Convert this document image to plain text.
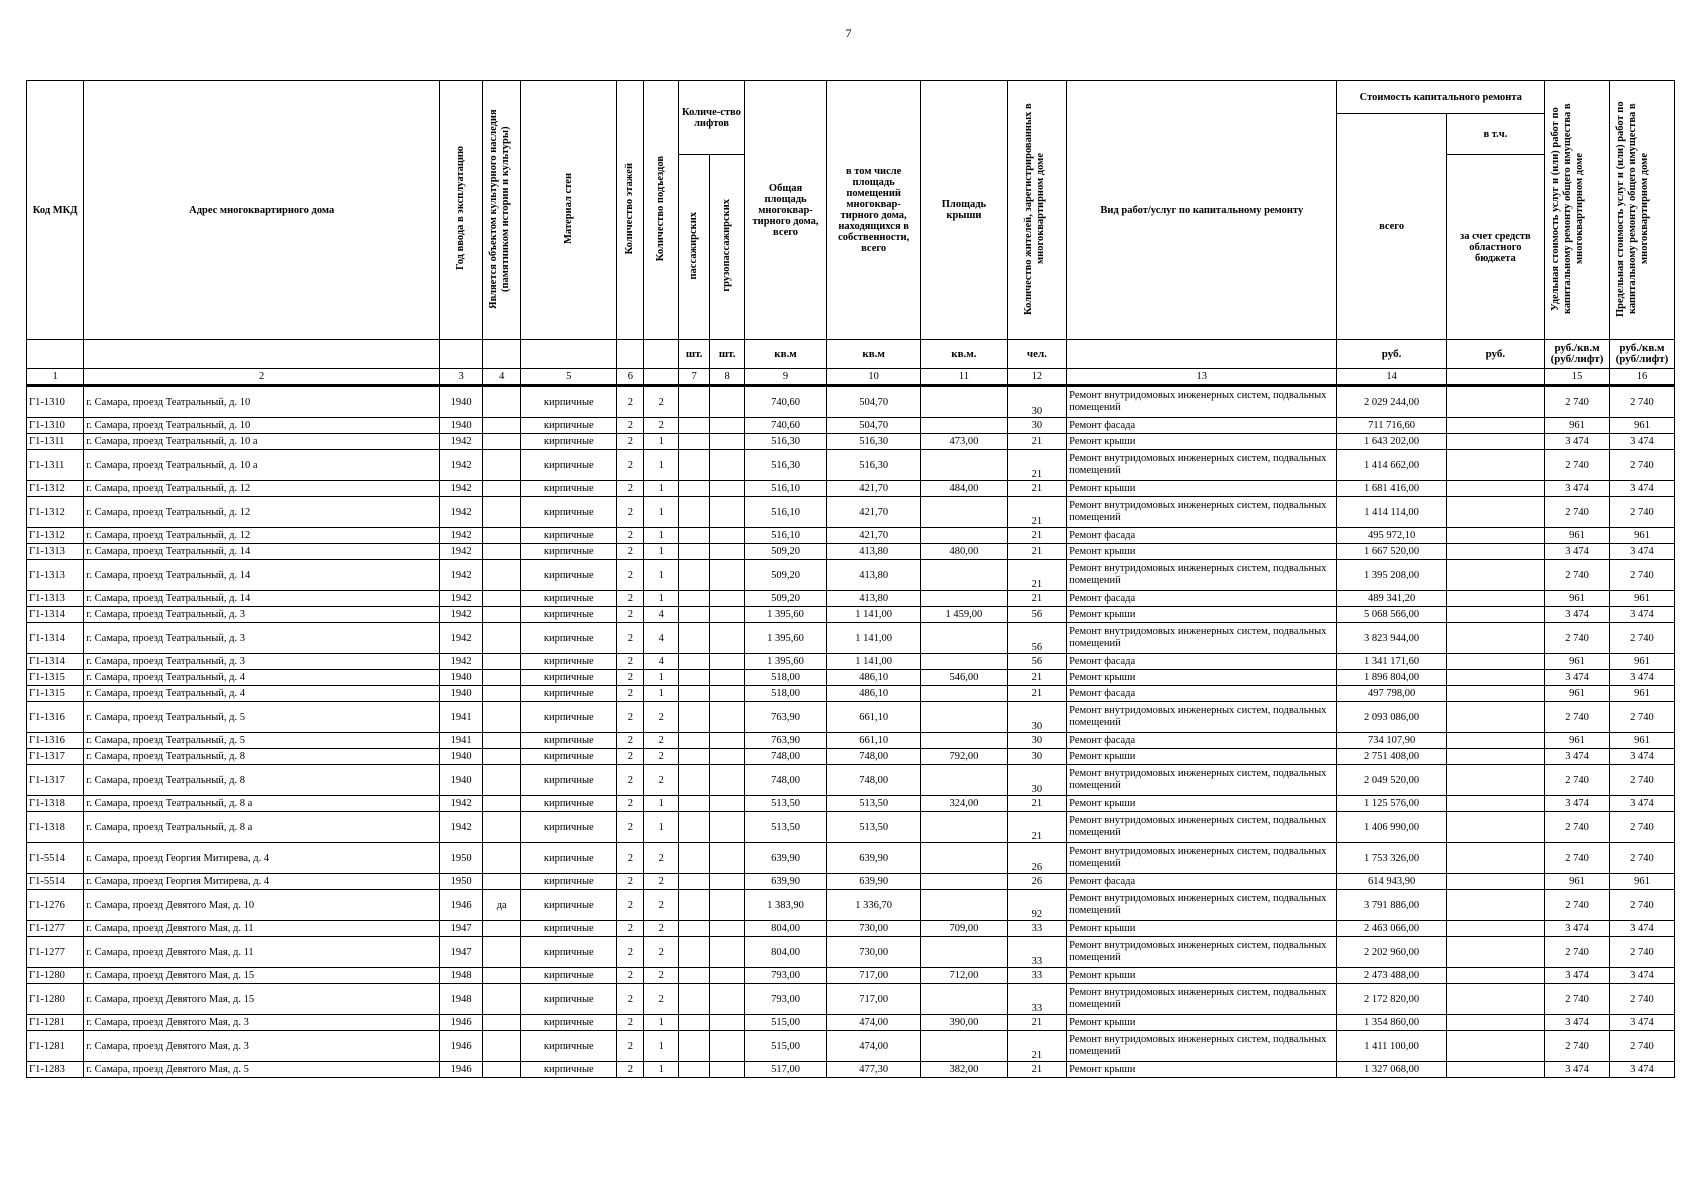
7
Код МКД	Адрес многоквартирного дома	Год ввода в эксплуатацию	Является объектом культурного наследия (памятником истории и культуры)	Материал стен	Количество этажей	Количество подъездов	Количе-ство лифтов		Общая площадь многоквар-тирного дома, всего	в том числе площадь помещений многоквар-тирного дома, находящихся в собственности, всего	Площадь крыши	Количество жителей, зарегистрированных в многоквартирном доме	Вид работ/услуг по капитальному ремонту	Стоимость капитального ремонта		Удельная стоимость услуг и (или) работ по капитальному ремонту общего имущества в многоквартирном доме	Предельная стоимость услуг и (или) работ по капитальному ремонту общего имущества в многоквартирном доме
														всего	в т.ч.		
							пассажирских	грузопассажирских							за счет средств областного бюджета		
							шт.	шт.	кв.м	кв.м	кв.м.	чел.		руб.	руб.	руб./кв.м (руб/лифт)	руб./кв.м (руб/лифт)
1	2	3	4	5	6		7	8	9	10	11	12	13	14		15	16
Г1-1310	г. Самара, проезд Театральный, д. 10	1940		кирпичные	2	2			740,60	504,70		30	Ремонт внутридомовых инженерных систем, подвальных помещений	2 029 244,00		2 740	2 740
Г1-1310	г. Самара, проезд Театральный, д. 10	1940		кирпичные	2	2			740,60	504,70		30	Ремонт фасада	711 716,60		961	961
Г1-1311	г. Самара, проезд Театральный, д. 10 а	1942		кирпичные	2	1			516,30	516,30	473,00	21	Ремонт крыши	1 643 202,00		3 474	3 474
Г1-1311	г. Самара, проезд Театральный, д. 10 а	1942		кирпичные	2	1			516,30	516,30		21	Ремонт внутридомовых инженерных систем, подвальных помещений	1 414 662,00		2 740	2 740
Г1-1312	г. Самара, проезд Театральный, д. 12	1942		кирпичные	2	1			516,10	421,70	484,00	21	Ремонт крыши	1 681 416,00		3 474	3 474
Г1-1312	г. Самара, проезд Театральный, д. 12	1942		кирпичные	2	1			516,10	421,70		21	Ремонт внутридомовых инженерных систем, подвальных помещений	1 414 114,00		2 740	2 740
Г1-1312	г. Самара, проезд Театральный, д. 12	1942		кирпичные	2	1			516,10	421,70		21	Ремонт фасада	495 972,10		961	961
Г1-1313	г. Самара, проезд Театральный, д. 14	1942		кирпичные	2	1			509,20	413,80	480,00	21	Ремонт крыши	1 667 520,00		3 474	3 474
Г1-1313	г. Самара, проезд Театральный, д. 14	1942		кирпичные	2	1			509,20	413,80		21	Ремонт внутридомовых инженерных систем, подвальных помещений	1 395 208,00		2 740	2 740
Г1-1313	г. Самара, проезд Театральный, д. 14	1942		кирпичные	2	1			509,20	413,80		21	Ремонт фасада	489 341,20		961	961
Г1-1314	г. Самара, проезд Театральный, д. 3	1942		кирпичные	2	4			1 395,60	1 141,00	1 459,00	56	Ремонт крыши	5 068 566,00		3 474	3 474
Г1-1314	г. Самара, проезд Театральный, д. 3	1942		кирпичные	2	4			1 395,60	1 141,00		56	Ремонт внутридомовых инженерных систем, подвальных помещений	3 823 944,00		2 740	2 740
Г1-1314	г. Самара, проезд Театральный, д. 3	1942		кирпичные	2	4			1 395,60	1 141,00		56	Ремонт фасада	1 341 171,60		961	961
Г1-1315	г. Самара, проезд Театральный, д. 4	1940		кирпичные	2	1			518,00	486,10	546,00	21	Ремонт крыши	1 896 804,00		3 474	3 474
Г1-1315	г. Самара, проезд Театральный, д. 4	1940		кирпичные	2	1			518,00	486,10		21	Ремонт фасада	497 798,00		961	961
Г1-1316	г. Самара, проезд Театральный, д. 5	1941		кирпичные	2	2			763,90	661,10		30	Ремонт внутридомовых инженерных систем, подвальных помещений	2 093 086,00		2 740	2 740
Г1-1316	г. Самара, проезд Театральный, д. 5	1941		кирпичные	2	2			763,90	661,10		30	Ремонт фасада	734 107,90		961	961
Г1-1317	г. Самара, проезд Театральный, д. 8	1940		кирпичные	2	2			748,00	748,00	792,00	30	Ремонт крыши	2 751 408,00		3 474	3 474
Г1-1317	г. Самара, проезд Театральный, д. 8	1940		кирпичные	2	2			748,00	748,00		30	Ремонт внутридомовых инженерных систем, подвальных помещений	2 049 520,00		2 740	2 740
Г1-1318	г. Самара, проезд Театральный, д. 8 а	1942		кирпичные	2	1			513,50	513,50	324,00	21	Ремонт крыши	1 125 576,00		3 474	3 474
Г1-1318	г. Самара, проезд Театральный, д. 8 а	1942		кирпичные	2	1			513,50	513,50		21	Ремонт внутридомовых инженерных систем, подвальных помещений	1 406 990,00		2 740	2 740
Г1-5514	г. Самара, проезд Георгия Митирева, д. 4	1950		кирпичные	2	2			639,90	639,90		26	Ремонт внутридомовых инженерных систем, подвальных помещений	1 753 326,00		2 740	2 740
Г1-5514	г. Самара, проезд Георгия Митирева, д. 4	1950		кирпичные	2	2			639,90	639,90		26	Ремонт фасада	614 943,90		961	961
Г1-1276	г. Самара, проезд Девятого Мая, д. 10	1946	да	кирпичные	2	2			1 383,90	1 336,70		92	Ремонт внутридомовых инженерных систем, подвальных помещений	3 791 886,00		2 740	2 740
Г1-1277	г. Самара, проезд Девятого Мая, д. 11	1947		кирпичные	2	2			804,00	730,00	709,00	33	Ремонт крыши	2 463 066,00		3 474	3 474
Г1-1277	г. Самара, проезд Девятого Мая, д. 11	1947		кирпичные	2	2			804,00	730,00		33	Ремонт внутридомовых инженерных систем, подвальных помещений	2 202 960,00		2 740	2 740
Г1-1280	г. Самара, проезд Девятого Мая, д. 15	1948		кирпичные	2	2			793,00	717,00	712,00	33	Ремонт крыши	2 473 488,00		3 474	3 474
Г1-1280	г. Самара, проезд Девятого Мая, д. 15	1948		кирпичные	2	2			793,00	717,00		33	Ремонт внутридомовых инженерных систем, подвальных помещений	2 172 820,00		2 740	2 740
Г1-1281	г. Самара, проезд Девятого Мая, д. 3	1946		кирпичные	2	1			515,00	474,00	390,00	21	Ремонт крыши	1 354 860,00		3 474	3 474
Г1-1281	г. Самара, проезд Девятого Мая, д. 3	1946		кирпичные	2	1			515,00	474,00		21	Ремонт внутридомовых инженерных систем, подвальных помещений	1 411 100,00		2 740	2 740
Г1-1283	г. Самара, проезд Девятого Мая, д. 5	1946		кирпичные	2	1			517,00	477,30	382,00	21	Ремонт крыши	1 327 068,00		3 474	3 474
